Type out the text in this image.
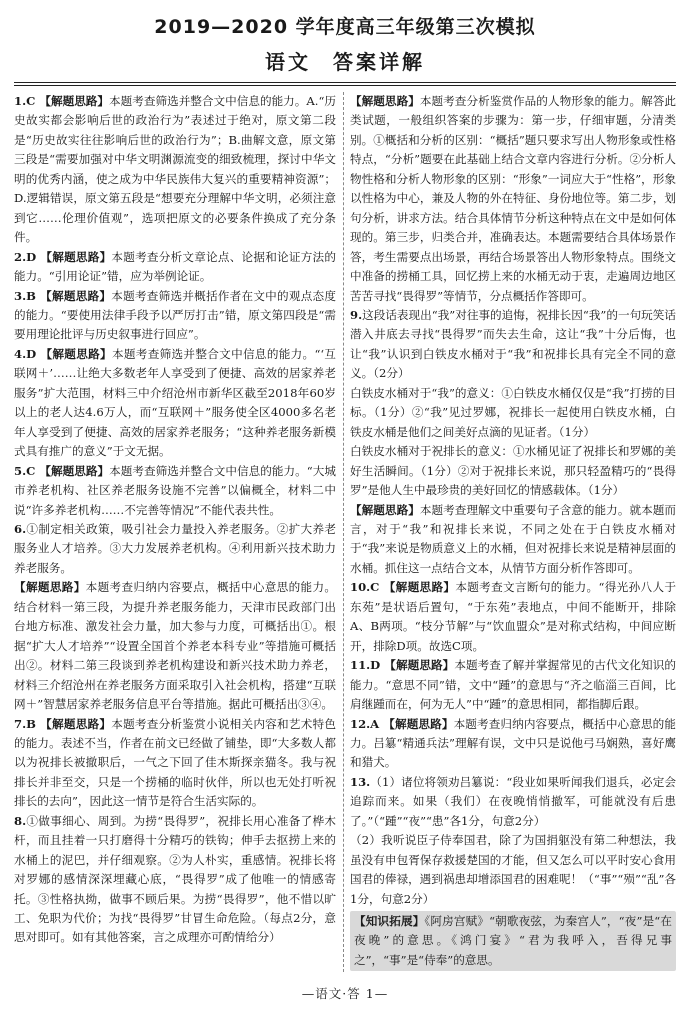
2019—2020 学年度高三年级第三次模拟
语文 答案详解

1.C 【解题思路】本题考查筛选并整合文中信息的能力。A.“历史故实都会影响后世的政治行为”表述过于绝对，原文第二段是“历史故实往往影响后世的政治行为”；B.曲解文意，原文第三段是“需要加强对中华文明渊源流变的细致梳理，探讨中华文明的优秀内涵，使之成为中华民族伟大复兴的重要精神资源”；D.逻辑错误，原文第五段是“想要充分理解中华文明，必须注意到它……伦理价值观”，选项把原文的必要条件换成了充分条件。

2.D 【解题思路】本题考查分析文章论点、论据和论证方法的能力。“引用论证”错，应为举例论证。

3.B 【解题思路】本题考查筛选并概括作者在文中的观点态度的能力。“要使用法律手段予以严厉打击”错，原文第四段是“需要用理论批评与历史叙事进行回应”。

4.D 【解题思路】本题考查筛选并整合文中信息的能力。“‘互联网＋’……让绝大多数老年人享受到了便捷、高效的居家养老服务”扩大范围，材料三中介绍沧州市新华区截至2018年60岁以上的老人达4.6万人，而“互联网＋”服务使全区4000多名老年人享受到了便捷、高效的居家养老服务；“这种养老服务新模式具有推广的意义”于文无据。

5.C 【解题思路】本题考查筛选并整合文中信息的能力。“大城市养老机构、社区养老服务设施不完善”以偏概全，材料二中说“许多养老机构……不完善等情况”不能代表共性。

6.①制定相关政策，吸引社会力量投入养老服务。②扩大养老服务业人才培养。③大力发展养老机构。④利用新兴技术助力养老服务。

【解题思路】本题考查归纳内容要点，概括中心意思的能力。结合材料一第三段，为提升养老服务能力，天津市民政部门出台地方标准、激发社会力量，加大参与力度，可概括出①。根据“扩大人才培养”“设置全国首个养老本科专业”等措施可概括出②。材料二第三段谈到养老机构建设和新兴技术助力养老，材料三介绍沧州在养老服务方面采取引入社会机构，搭建“互联网＋”智慧居家养老服务信息平台等措施。据此可概括出③④。

7.B 【解题思路】本题考查分析鉴赏小说相关内容和艺术特色的能力。表述不当，作者在前文已经做了铺垫，即“大多数人都以为祝排长被撤职后，一气之下回了佳木斯探亲猫冬。我与祝排长并非至交，只是一个捞桶的临时伙伴，所以也无处打听祝排长的去向”，因此这一情节是符合生活实际的。

8.①做事细心、周到。为捞“畏得罗”，祝排长用心准备了桦木杆，而且挂着一只打磨得十分精巧的铁钩；伸手去抠捞上来的水桶上的泥巴，并仔细观察。②为人朴实，重感情。祝排长将对罗娜的感情深深埋藏心底，“畏得罗”成了他唯一的情感寄托。③性格执拗，做事不顾后果。为捞“畏得罗”，他不惜以旷工、免职为代价；为找“畏得罗”甘冒生命危险。（每点2分，意思对即可。如有其他答案，言之成理亦可酌情给分）

【解题思路】本题考查分析鉴赏作品的人物形象的能力。解答此类试题，一般组织答案的步骤为：第一步，仔细审题，分清类别。①概括和分析的区别：“概括”题只要求写出人物形象或性格特点，“分析”题要在此基础上结合文章内容进行分析。②分析人物性格和分析人物形象的区别：“形象”一词应大于“性格”，形象以性格为中心，兼及人物的外在特征、身份地位等。第二步，划句分析，讲求方法。结合具体情节分析这种特点在文中是如何体现的。第三步，归类合并，准确表达。本题需要结合具体场景作答，考生需要点出场景，再结合场景答出人物形象特点。围绕文中准备的捞桶工具，回忆捞上来的水桶无动于衷，走遍周边地区苦苦寻找“畏得罗”等情节，分点概括作答即可。

9.这段话表现出“我”对往事的追悔，祝排长因“我”的一句玩笑话潜入井底去寻找“畏得罗”而失去生命，这让“我”十分后悔，也让“我”认识到白铁皮水桶对于“我”和祝排长具有完全不同的意义。（2分）

白铁皮水桶对于“我”的意义：①白铁皮水桶仅仅是“我”打捞的目标。（1分）②“我”见过罗娜，祝排长一起使用白铁皮水桶，白铁皮水桶是他们之间美好点滴的见证者。（1分）

白铁皮水桶对于祝排长的意义：①水桶见证了祝排长和罗娜的美好生活瞬间。（1分）②对于祝排长来说，那只轻盈精巧的“畏得罗”是他人生中最珍贵的美好回忆的情感载体。（1分）

【解题思路】本题考查理解文中重要句子含意的能力。就本题而言，对于“我”和祝排长来说，不同之处在于白铁皮水桶对于“我”来说是物质意义上的水桶，但对祝排长来说是精神层面的水桶。抓住这一点结合文本，从情节方面分析作答即可。

10.C 【解题思路】本题考查文言断句的能力。“得光孙八人于东苑”是状语后置句，“于东苑”表地点，中间不能断开，排除A、B两项。“枝分节解”与“饮血盟众”是对称式结构，中间应断开，排除D项。故选C项。

11.D 【解题思路】本题考查了解并掌握常见的古代文化知识的能力。“意思不同”错，文中“踵”的意思与“齐之临淄三百闾，比肩继踵而在，何为无人”中“踵”的意思相同，都指脚后跟。

12.A 【解题思路】本题考查归纳内容要点，概括中心意思的能力。吕簒“精通兵法”理解有误，文中只是说他弓马娴熟，喜好鹰和猎犬。

13.（1）诸位将领劝吕簒说：“段业如果听闻我们退兵，必定会追踪而来。如果（我们）在夜晚悄悄撤军，可能就没有后患了。”（“踵”“夜”“患”各1分，句意2分）

（2）我听说臣子侍奉国君，除了为国捐躯没有第二种想法，我虽没有申包胥保存救援楚国的才能，但又怎么可以平时安心食用国君的俸禄，遇到祸患却增添国君的困难呢！（“事”“殒”“乱”各1分，句意2分）

【知识拓展】《阿房宫赋》“朝歌夜弦，为秦宫人”，“夜”是“在夜晚”的意思。《鸿门宴》“君为我呼入，吾得兄事之”，“事”是“侍奉”的意思。

—语文·答 1—
